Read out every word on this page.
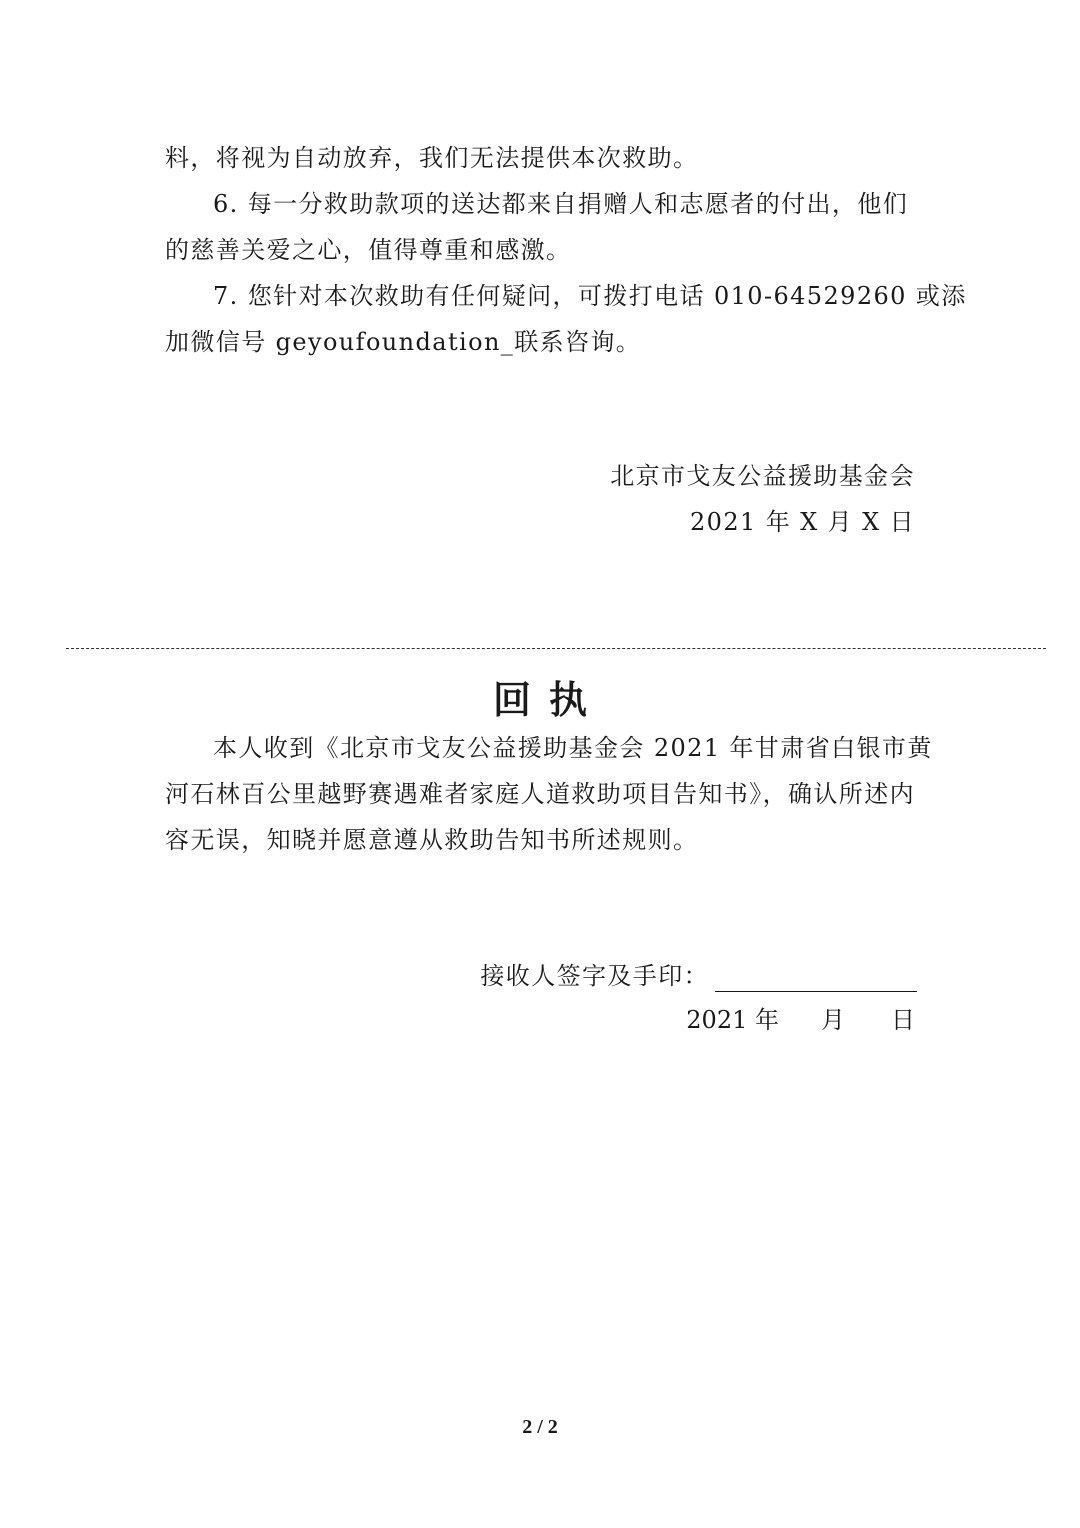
料，将视为自动放弃，我们无法提供本次救助。
6. 每一分救助款项的送达都来自捐赠人和志愿者的付出，他们
的慈善关爱之心，值得尊重和感激。
7. 您针对本次救助有任何疑问，可拨打电话 010-64529260 或添
加微信号 geyoufoundation_联系咨询。
北京市戈友公益援助基金会
2021 年 X 月 X 日
回执
本人收到《北京市戈友公益援助基金会 2021 年甘肃省白银市黄
河石林百公里越野赛遇难者家庭人道救助项目告知书》，确认所述内
容无误，知晓并愿意遵从救助告知书所述规则。
接收人签字及手印：
2021 年 月 日
2 / 2
